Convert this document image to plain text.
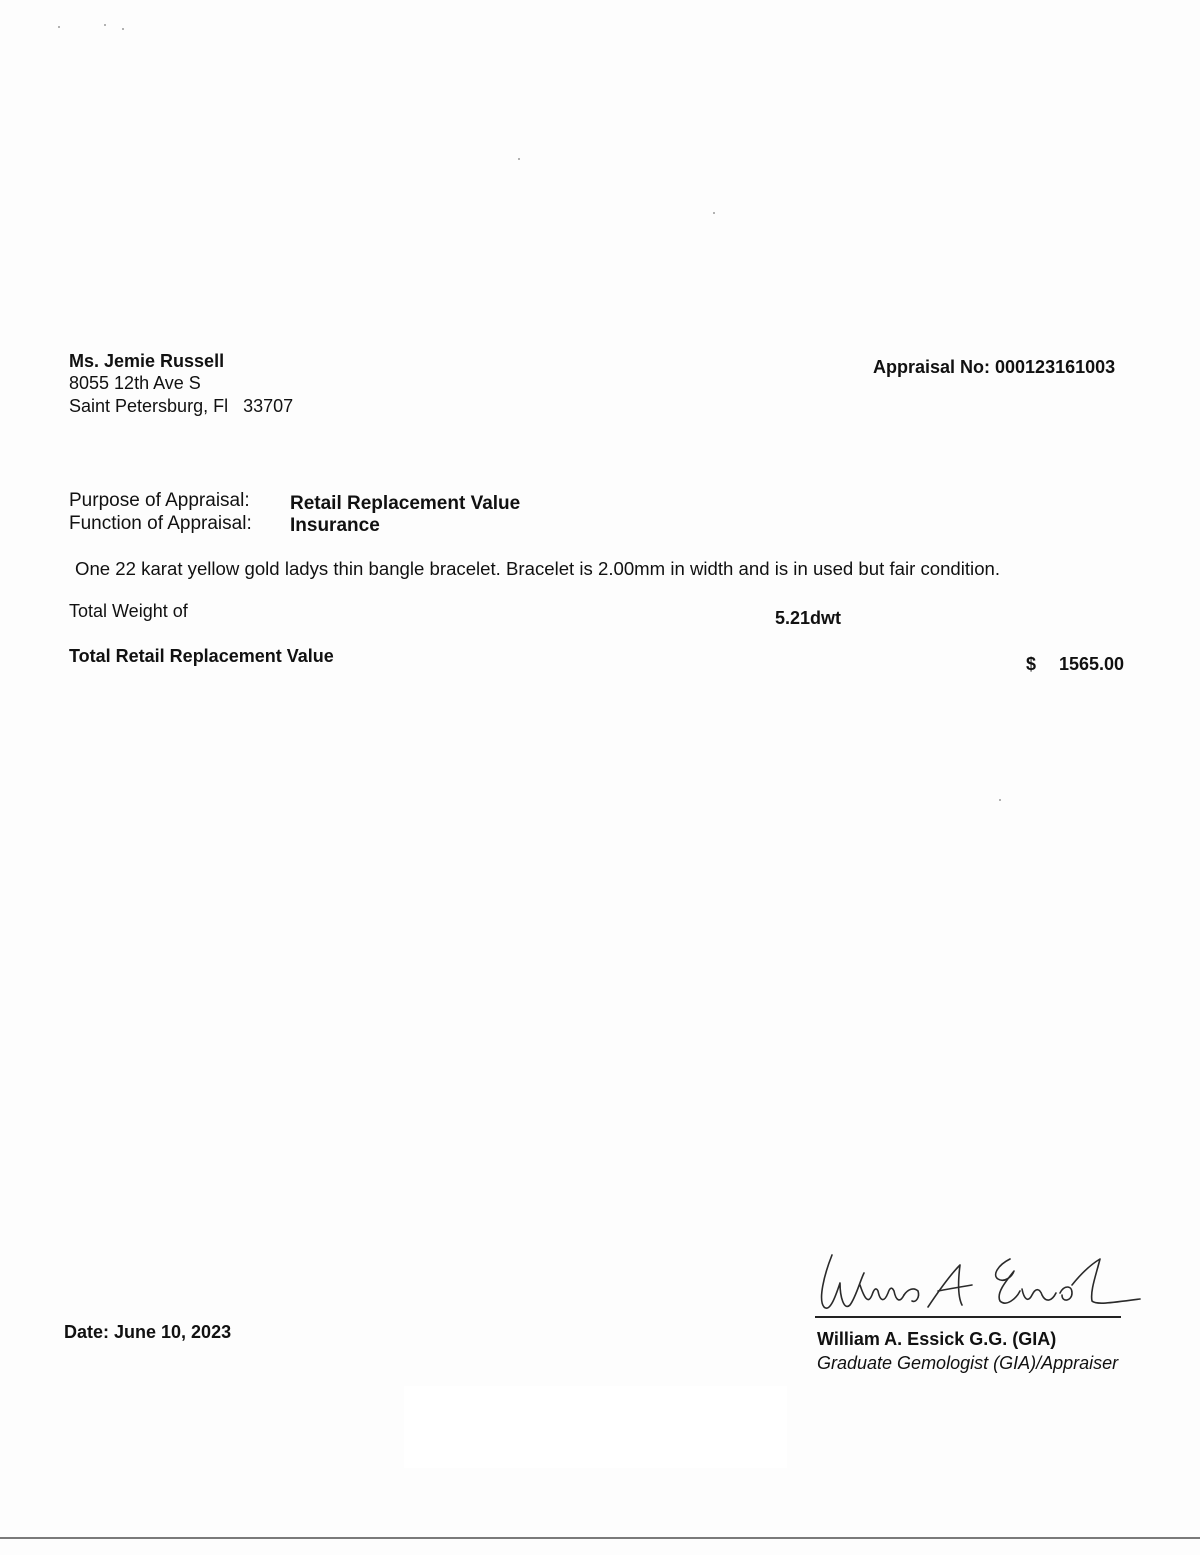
Ms. Jemie Russell
8055 12th Ave S
Saint Petersburg, Fl   33707
Appraisal No: 000123161003
Purpose of Appraisal: Retail Replacement Value
Function of Appraisal: Insurance
One 22 karat yellow gold ladys thin bangle bracelet. Bracelet is 2.00mm in width and is in used but fair condition.
Total Weight of	5.21dwt
Total Retail Replacement Value	$ 1565.00
Date: June 10, 2023	William A. Essick G.G. (GIA)
Graduate Gemologist (GIA)/Appraiser
